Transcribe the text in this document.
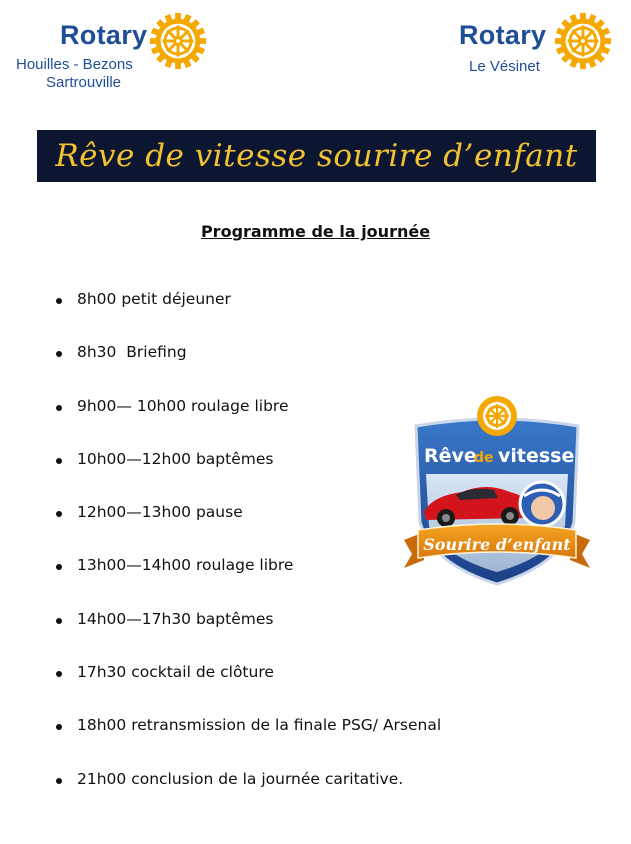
Rotary
Houilles - Bezons
Sartrouville
Rotary
Le Vésinet
Rêve de vitesse sourire d’enfant
Programme de la journée
8h00 petit déjeuner
8h30  Briefing
9h00— 10h00 roulage libre
10h00—12h00 baptêmes
12h00—13h00 pause
13h00—14h00 roulage libre
14h00—17h30 baptêmes
17h30 cocktail de clôture
18h00 retransmission de la finale PSG/ Arsenal
21h00 conclusion de la journée caritative.
Rêve
de vitesse
Sourire d’enfant
